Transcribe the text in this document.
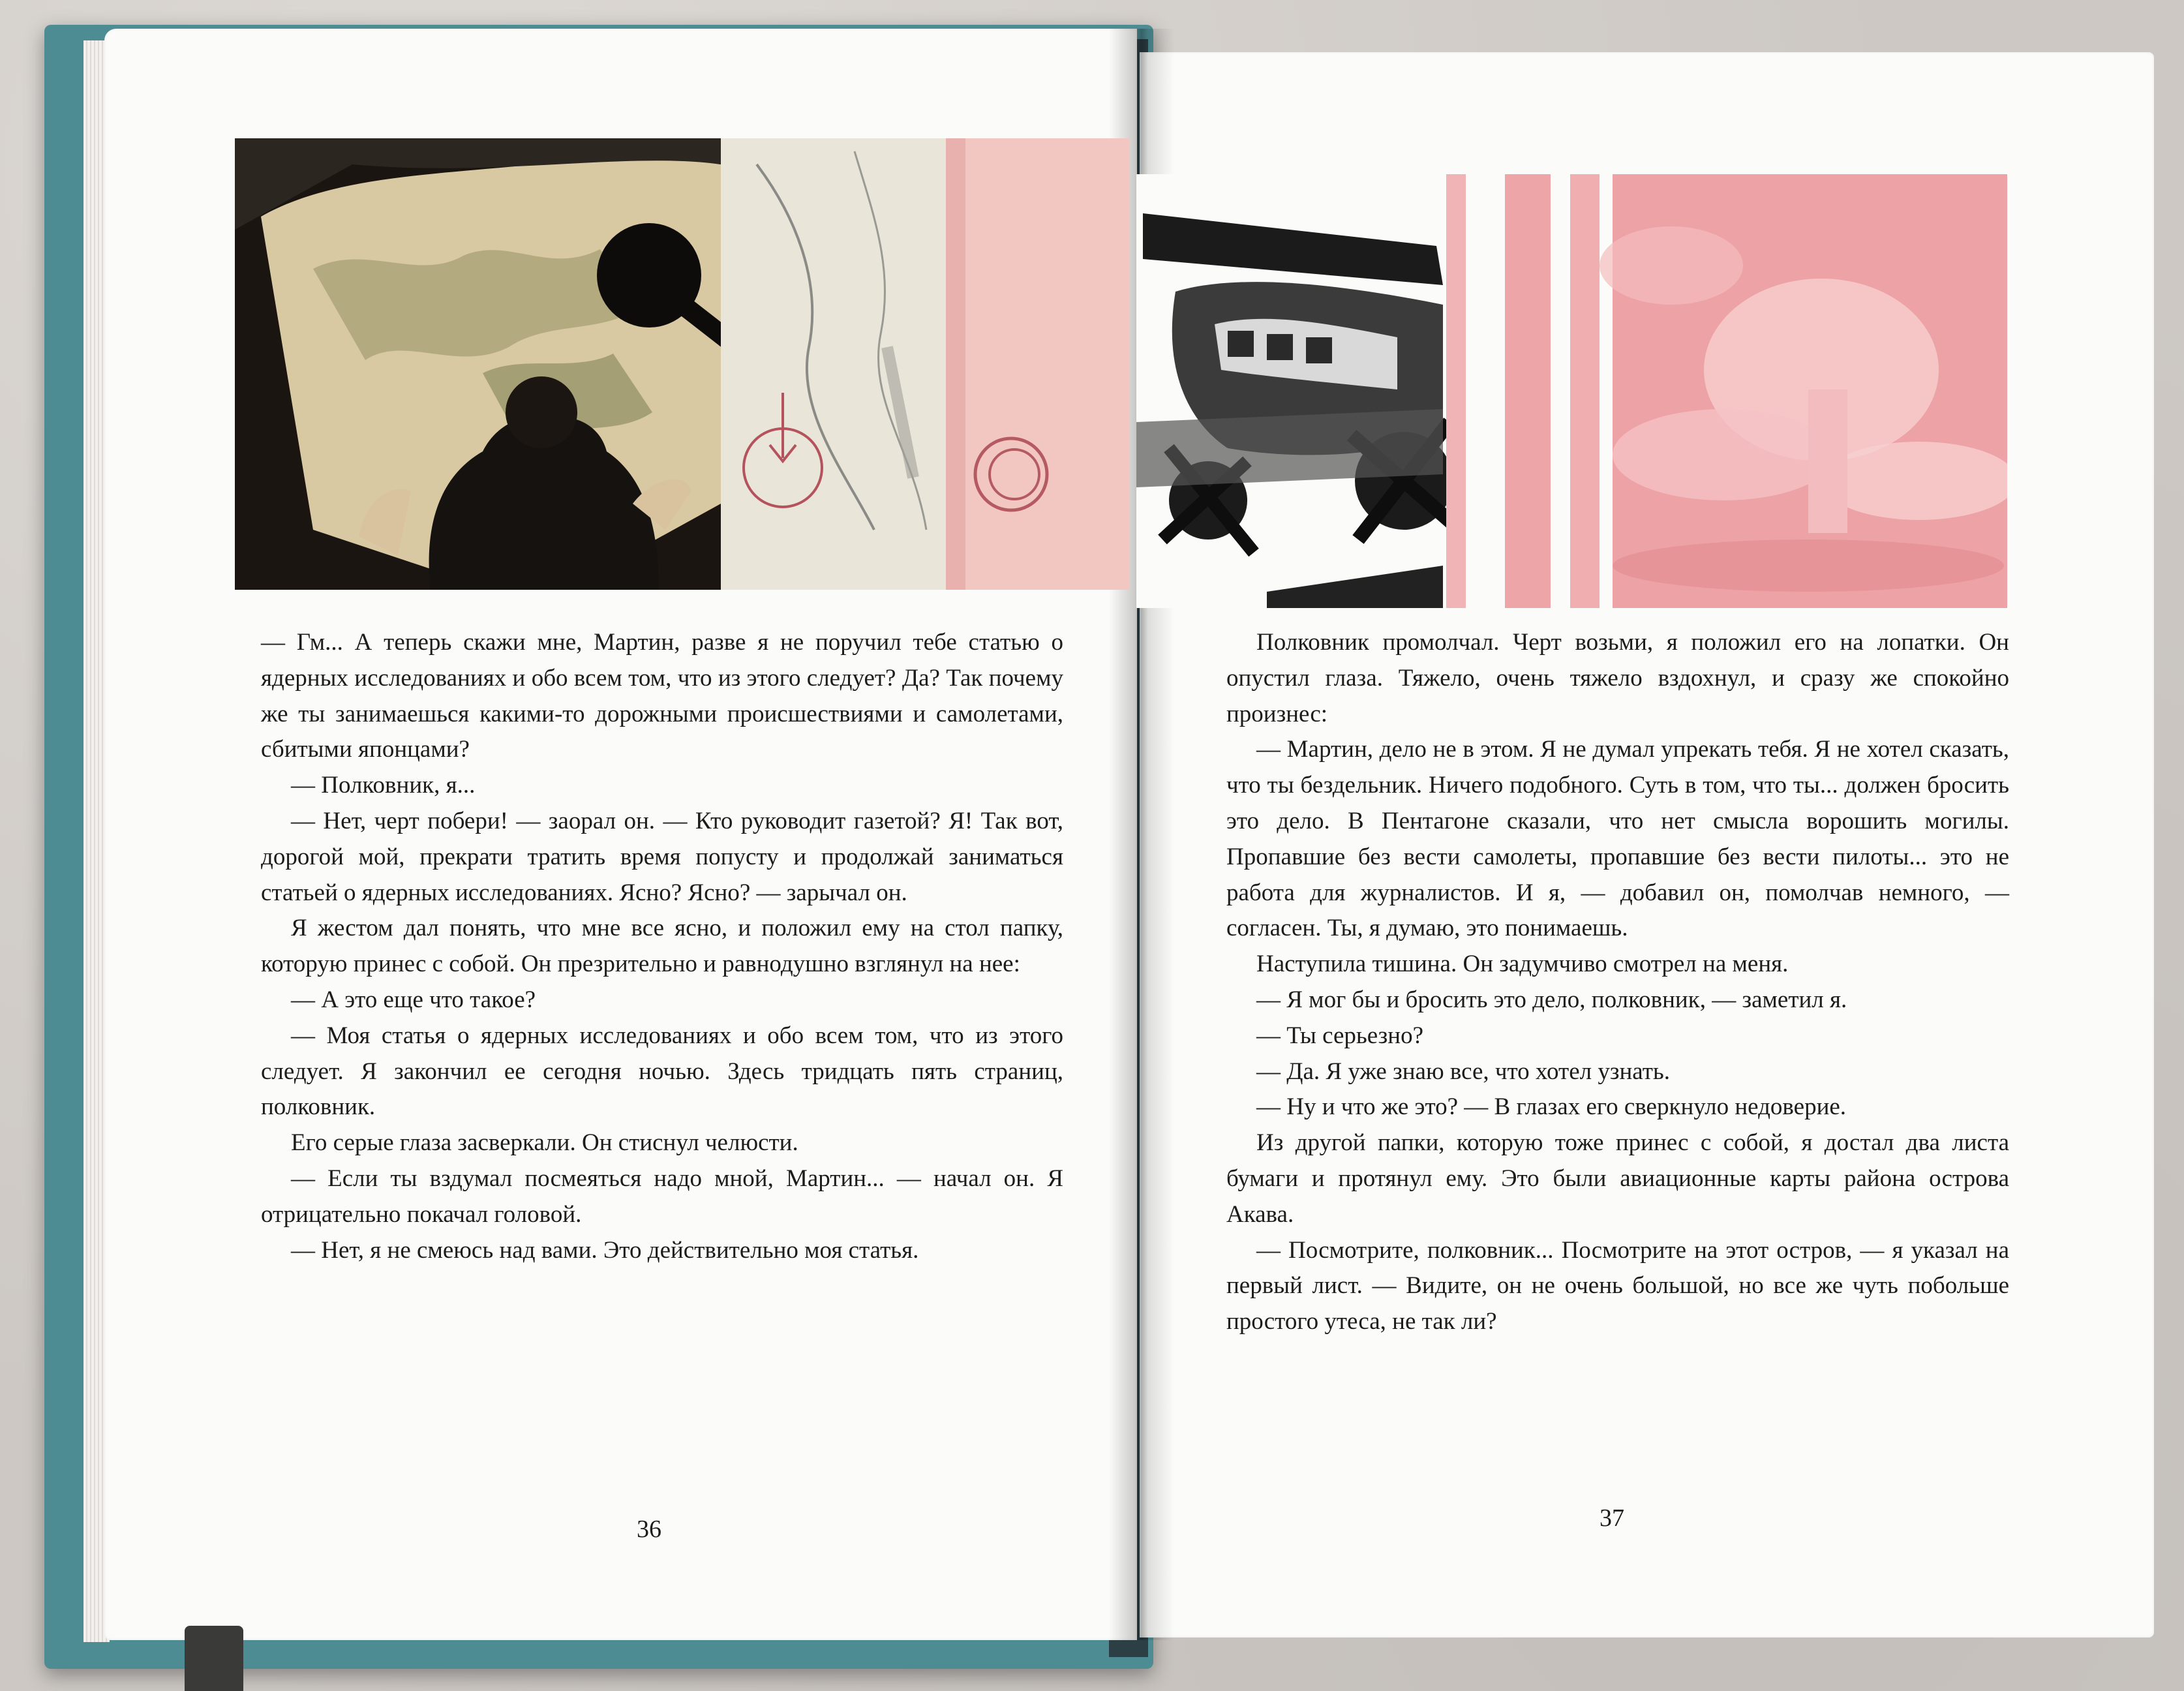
— Гм... А теперь скажи мне, Мартин, разве я не поручил тебе статью о ядерных исследованиях и обо всем том, что из этого следует? Да? Так почему же ты занимаешься какими-то дорожными происшествиями и самолетами, сбитыми японцами?

— Полковник, я...

— Нет, черт побери! — заорал он. — Кто руководит газетой? Я! Так вот, дорогой мой, прекрати тратить время попусту и продолжай заниматься статьей о ядерных исследованиях. Ясно? Ясно? — зарычал он.

Я жестом дал понять, что мне все ясно, и положил ему на стол папку, которую принес с собой. Он презрительно и равнодушно взглянул на нее:

— А это еще что такое?

— Моя статья о ядерных исследованиях и обо всем том, что из этого следует. Я закончил ее сегодня ночью. Здесь тридцать пять страниц, полковник.

Его серые глаза засверкали. Он стиснул челюсти.

— Если ты вздумал посмеяться надо мной, Мартин... — начал он. Я отрицательно покачал головой.

— Нет, я не смеюсь над вами. Это действительно моя статья.

Полковник промолчал. Черт возьми, я положил его на лопатки. Он опустил глаза. Тяжело, очень тяжело вздохнул, и сразу же спокойно произнес:

— Мартин, дело не в этом. Я не думал упрекать тебя. Я не хотел сказать, что ты бездельник. Ничего подобного. Суть в том, что ты... должен бросить это дело. В Пентагоне сказали, что нет смысла ворошить могилы. Пропавшие без вести самолеты, пропавшие без вести пилоты... это не работа для журналистов. И я, — добавил он, помолчав немного, — согласен. Ты, я думаю, это понимаешь.

Наступила тишина. Он задумчиво смотрел на меня.

— Я мог бы и бросить это дело, полковник, — заметил я.

— Ты серьезно?

— Да. Я уже знаю все, что хотел узнать.

— Ну и что же это? — В глазах его сверкнуло недоверие.

Из другой папки, которую тоже принес с собой, я достал два листа бумаги и протянул ему. Это были авиационные карты района острова Акава.

— Посмотрите, полковник... Посмотрите на этот остров, — я указал на первый лист. — Видите, он не очень большой, но все же чуть побольше простого утеса, не так ли?

36	37
